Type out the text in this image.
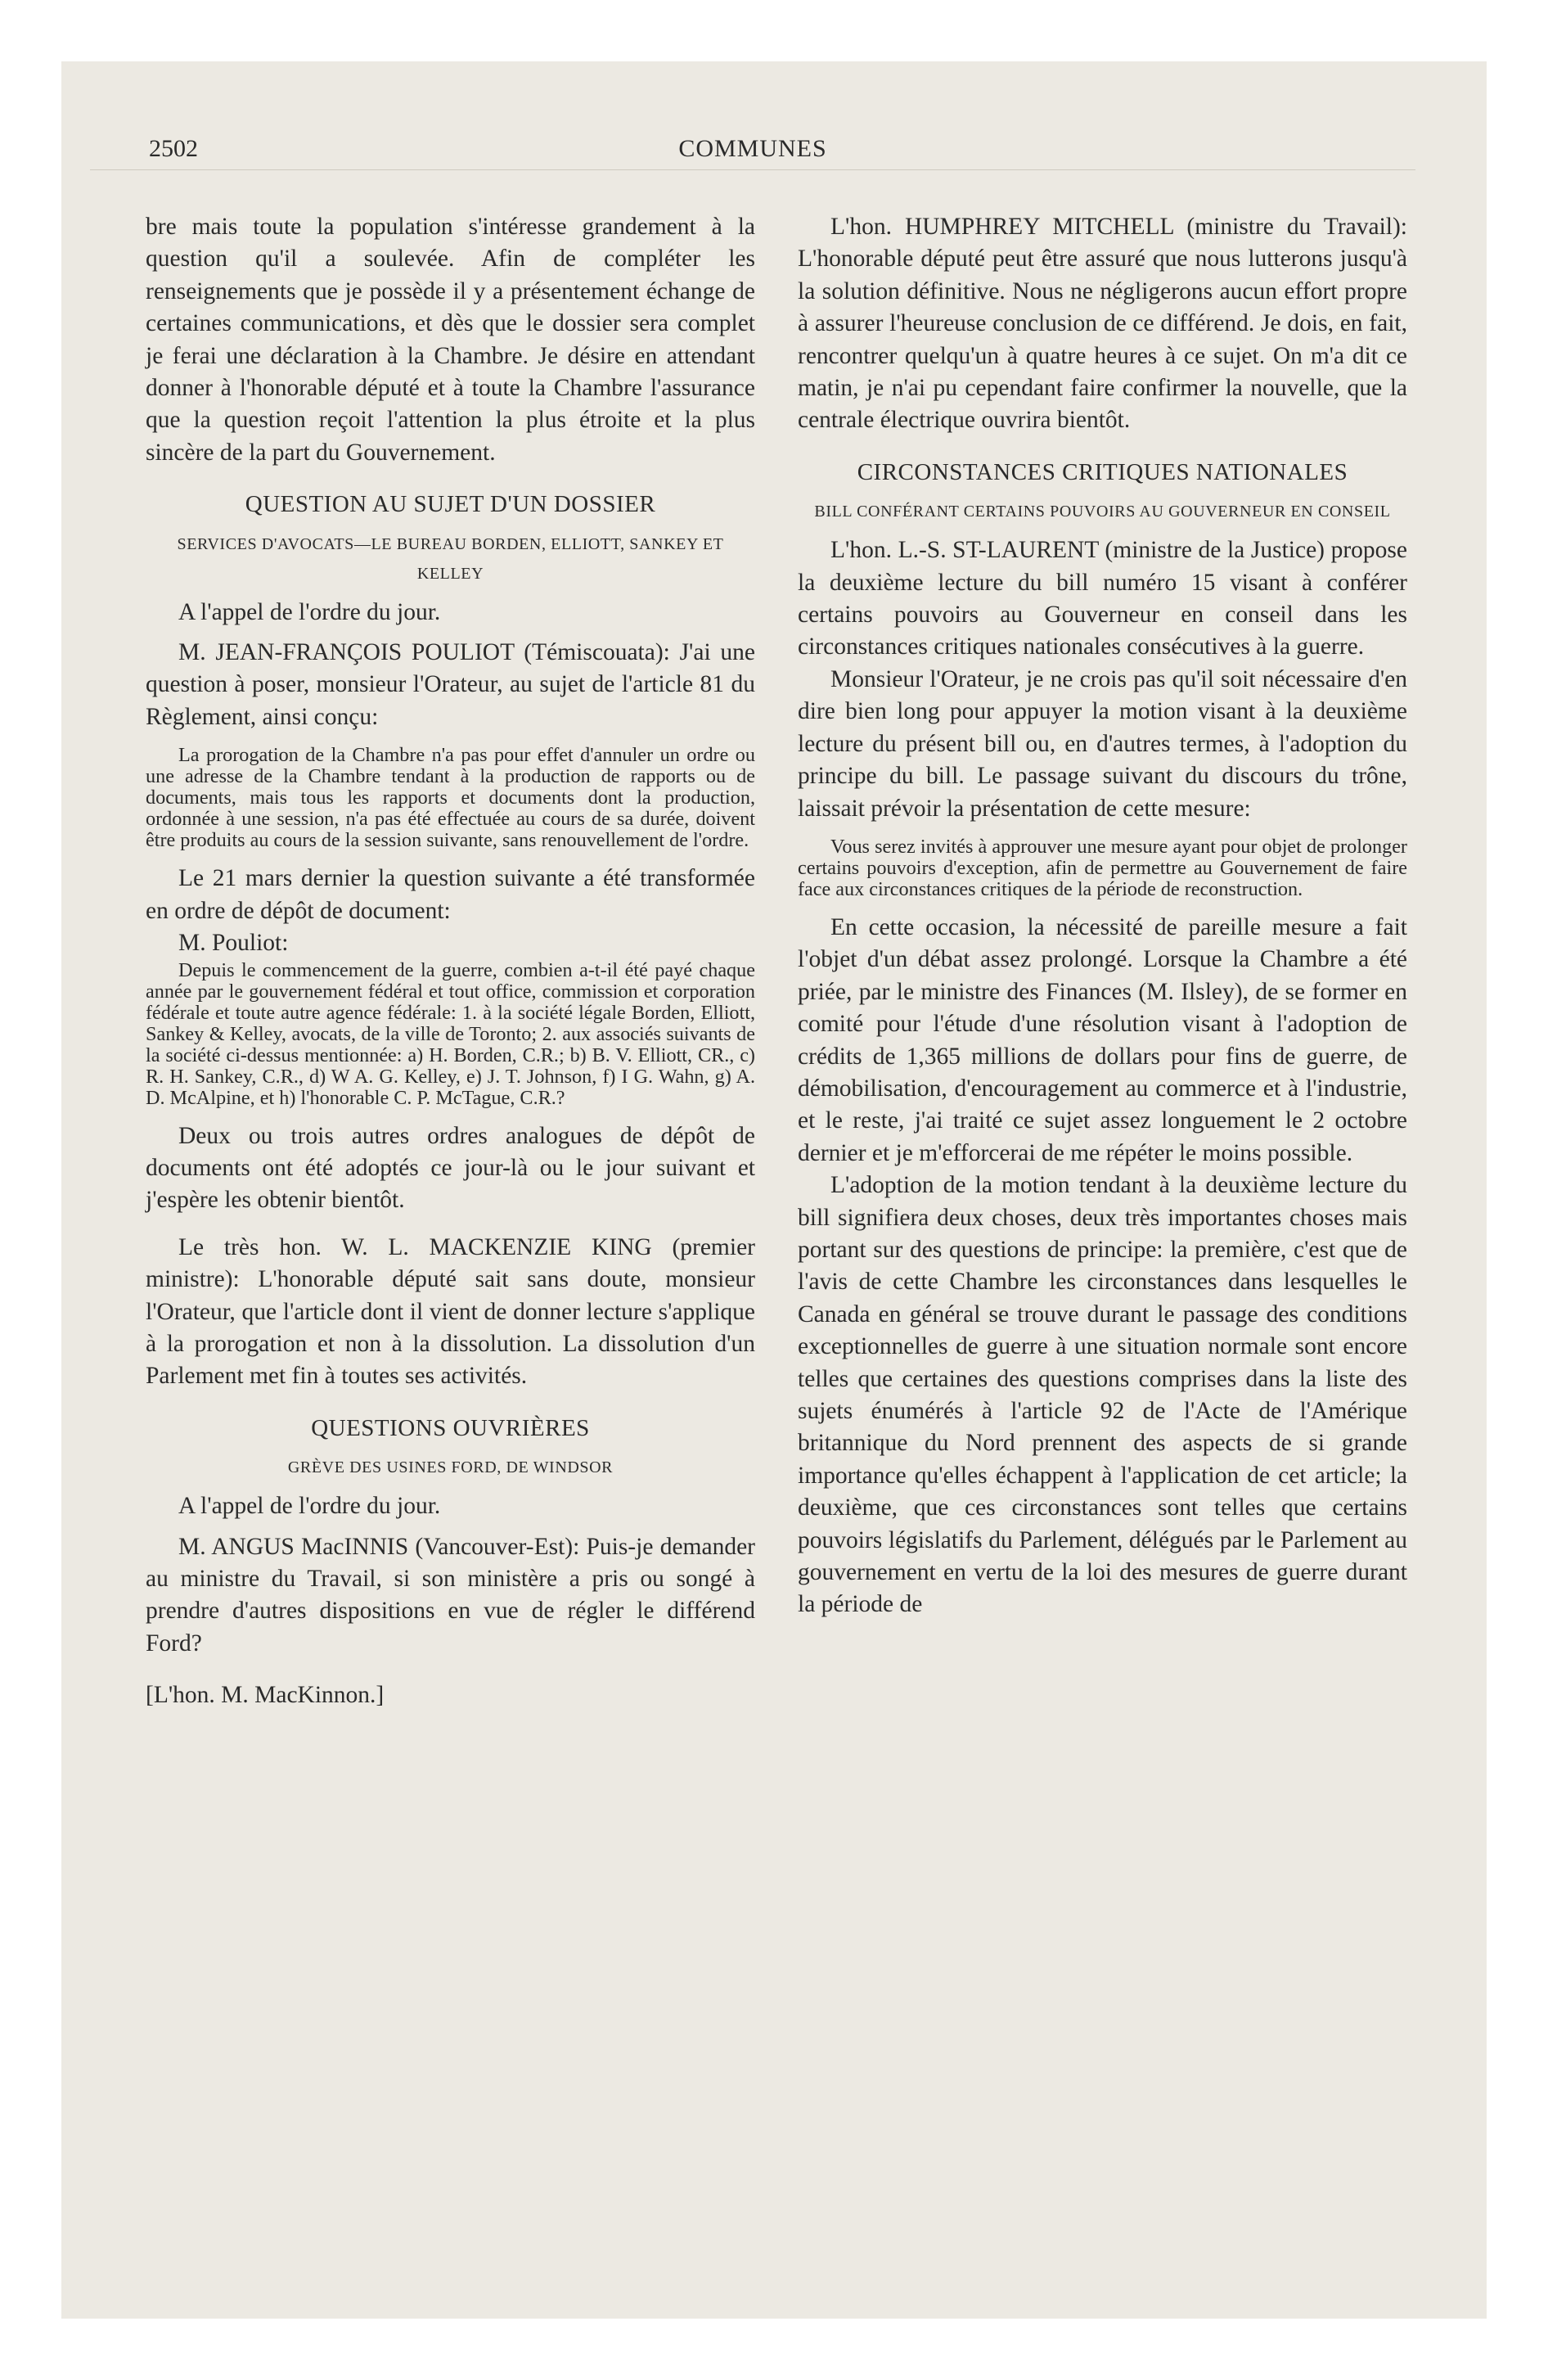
2502	COMMUNES

bre mais toute la population s'intéresse grandement à la question qu'il a soulevée. Afin de compléter les renseignements que je possède il y a présentement échange de certaines communications, et dès que le dossier sera complet je ferai une déclaration à la Chambre. Je désire en attendant donner à l'honorable député et à toute la Chambre l'assurance que la question reçoit l'attention la plus étroite et la plus sincère de la part du Gouvernement.

QUESTION AU SUJET D'UN DOSSIER

SERVICES D'AVOCATS—LE BUREAU BORDEN, ELLIOTT, SANKEY ET KELLEY

A l'appel de l'ordre du jour.

M. JEAN-FRANÇOIS POULIOT (Témiscouata): J'ai une question à poser, monsieur l'Orateur, au sujet de l'article 81 du Règlement, ainsi conçu:

La prorogation de la Chambre n'a pas pour effet d'annuler un ordre ou une adresse de la Chambre tendant à la production de rapports ou de documents, mais tous les rapports et documents dont la production, ordonnée à une session, n'a pas été effectuée au cours de sa durée, doivent être produits au cours de la session suivante, sans renouvellement de l'ordre.

Le 21 mars dernier la question suivante a été transformée en ordre de dépôt de document:

M. Pouliot:

Depuis le commencement de la guerre, combien a-t-il été payé chaque année par le gouvernement fédéral et tout office, commission et corporation fédérale et toute autre agence fédérale: 1. à la société légale Borden, Elliott, Sankey & Kelley, avocats, de la ville de Toronto; 2. aux associés suivants de la société ci-dessus mentionnée: a) H. Borden, C.R.; b) B. V. Elliott, CR., c) R. H. Sankey, C.R., d) W A. G. Kelley, e) J. T. Johnson, f) I G. Wahn, g) A. D. McAlpine, et h) l'honorable C. P. McTague, C.R.?

Deux ou trois autres ordres analogues de dépôt de documents ont été adoptés ce jour-là ou le jour suivant et j'espère les obtenir bientôt.

Le très hon. W. L. MACKENZIE KING (premier ministre): L'honorable député sait sans doute, monsieur l'Orateur, que l'article dont il vient de donner lecture s'applique à la prorogation et non à la dissolution. La dissolution d'un Parlement met fin à toutes ses activités.

QUESTIONS OUVRIÈRES

GRÈVE DES USINES FORD, DE WINDSOR

A l'appel de l'ordre du jour.

M. ANGUS MacINNIS (Vancouver-Est): Puis-je demander au ministre du Travail, si son ministère a pris ou songé à prendre d'autres dispositions en vue de régler le différend Ford?

[L'hon. M. MacKinnon.]

L'hon. HUMPHREY MITCHELL (ministre du Travail): L'honorable député peut être assuré que nous lutterons jusqu'à la solution définitive. Nous ne négligerons aucun effort propre à assurer l'heureuse conclusion de ce différend. Je dois, en fait, rencontrer quelqu'un à quatre heures à ce sujet. On m'a dit ce matin, je n'ai pu cependant faire confirmer la nouvelle, que la centrale électrique ouvrira bientôt.

CIRCONSTANCES CRITIQUES NATIONALES

BILL CONFÉRANT CERTAINS POUVOIRS AU GOUVERNEUR EN CONSEIL

L'hon. L.-S. ST-LAURENT (ministre de la Justice) propose la deuxième lecture du bill numéro 15 visant à conférer certains pouvoirs au Gouverneur en conseil dans les circonstances critiques nationales consécutives à la guerre.

Monsieur l'Orateur, je ne crois pas qu'il soit nécessaire d'en dire bien long pour appuyer la motion visant à la deuxième lecture du présent bill ou, en d'autres termes, à l'adoption du principe du bill. Le passage suivant du discours du trône, laissait prévoir la présentation de cette mesure:

Vous serez invités à approuver une mesure ayant pour objet de prolonger certains pouvoirs d'exception, afin de permettre au Gouvernement de faire face aux circonstances critiques de la période de reconstruction.

En cette occasion, la nécessité de pareille mesure a fait l'objet d'un débat assez prolongé. Lorsque la Chambre a été priée, par le ministre des Finances (M. Ilsley), de se former en comité pour l'étude d'une résolution visant à l'adoption de crédits de 1,365 millions de dollars pour fins de guerre, de démobilisation, d'encouragement au commerce et à l'industrie, et le reste, j'ai traité ce sujet assez longuement le 2 octobre dernier et je m'efforcerai de me répéter le moins possible.

L'adoption de la motion tendant à la deuxième lecture du bill signifiera deux choses, deux très importantes choses mais portant sur des questions de principe: la première, c'est que de l'avis de cette Chambre les circonstances dans lesquelles le Canada en général se trouve durant le passage des conditions exceptionnelles de guerre à une situation normale sont encore telles que certaines des questions comprises dans la liste des sujets énumérés à l'article 92 de l'Acte de l'Amérique britannique du Nord prennent des aspects de si grande importance qu'elles échappent à l'application de cet article; la deuxième, que ces circonstances sont telles que certains pouvoirs législatifs du Parlement, délégués par le Parlement au gouvernement en vertu de la loi des mesures de guerre durant la période de
